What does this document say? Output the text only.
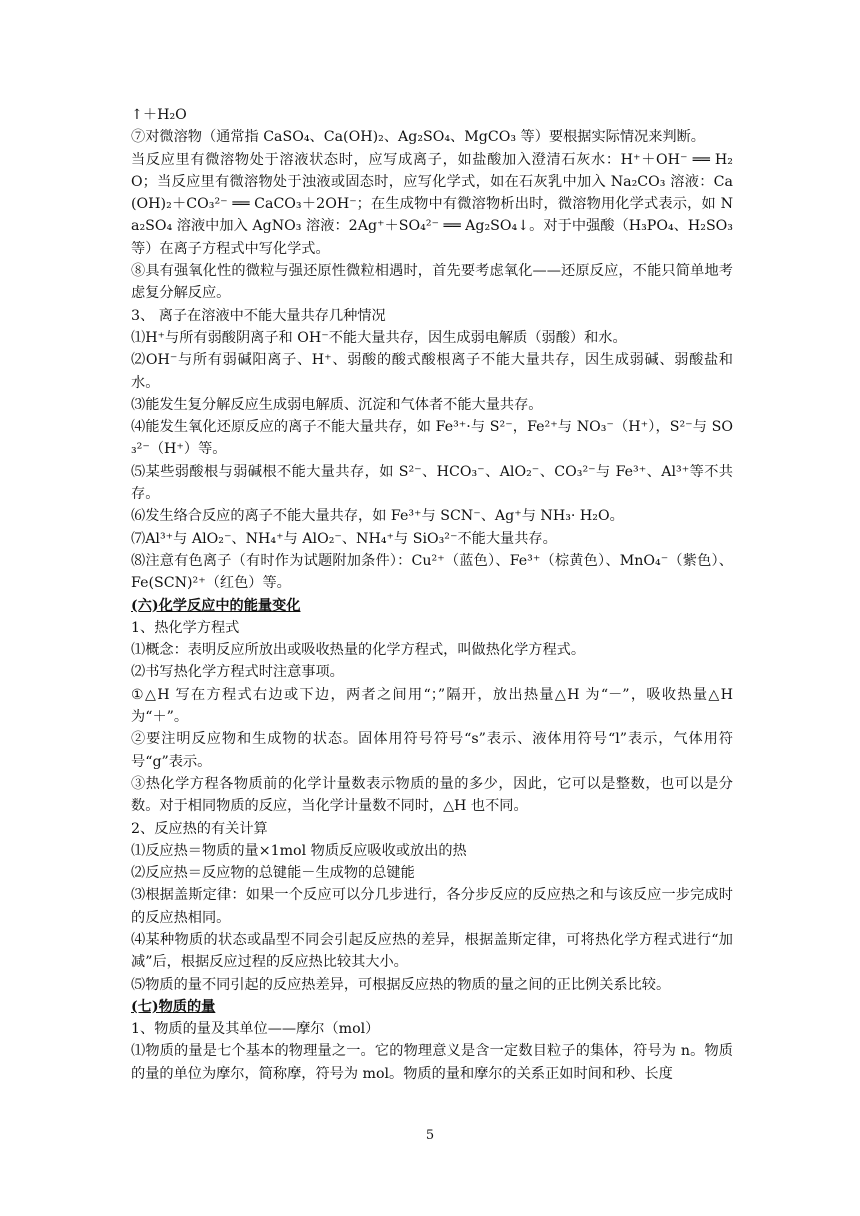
↑＋H₂O

⑦对微溶物（通常指 CaSO₄、Ca(OH)₂、Ag₂SO₄、MgCO₃ 等）要根据实际情况来判断。

当反应里有微溶物处于溶液状态时，应写成离子，如盐酸加入澄清石灰水：H⁺＋OH⁻ ══ H₂O；当反应里有微溶物处于浊液或固态时，应写化学式，如在石灰乳中加入 Na₂CO₃ 溶液：Ca(OH)₂＋CO₃²⁻ ══ CaCO₃＋2OH⁻；在生成物中有微溶物析出时，微溶物用化学式表示，如 Na₂SO₄ 溶液中加入 AgNO₃ 溶液：2Ag⁺＋SO₄²⁻ ══ Ag₂SO₄↓。对于中强酸（H₃PO₄、H₂SO₃ 等）在离子方程式中写化学式。

⑧具有强氧化性的微粒与强还原性微粒相遇时，首先要考虑氧化——还原反应，不能只简单地考虑复分解反应。

3、 离子在溶液中不能大量共存几种情况

⑴H⁺与所有弱酸阴离子和 OH⁻不能大量共存，因生成弱电解质（弱酸）和水。

⑵OH⁻与所有弱碱阳离子、H⁺、弱酸的酸式酸根离子不能大量共存，因生成弱碱、弱酸盐和水。

⑶能发生复分解反应生成弱电解质、沉淀和气体者不能大量共存。

⑷能发生氧化还原反应的离子不能大量共存，如 Fe³⁺·与 S²⁻，Fe²⁺与 NO₃⁻（H⁺），S²⁻与 SO₃²⁻（H⁺）等。

⑸某些弱酸根与弱碱根不能大量共存，如 S²⁻、HCO₃⁻、AlO₂⁻、CO₃²⁻与 Fe³⁺、Al³⁺等不共存。

⑹发生络合反应的离子不能大量共存，如 Fe³⁺与 SCN⁻、Ag⁺与 NH₃· H₂O。

⑺Al³⁺与 AlO₂⁻、NH₄⁺与 AlO₂⁻、NH₄⁺与 SiO₃²⁻不能大量共存。

⑻注意有色离子（有时作为试题附加条件）：Cu²⁺（蓝色）、Fe³⁺（棕黄色）、MnO₄⁻（紫色）、Fe(SCN)²⁺（红色）等。

(六)化学反应中的能量变化

1、热化学方程式

⑴概念：表明反应所放出或吸收热量的化学方程式，叫做热化学方程式。

⑵书写热化学方程式时注意事项。

①△H 写在方程式右边或下边，两者之间用“；”隔开，放出热量△H 为“－”，吸收热量△H 为“＋”。

②要注明反应物和生成物的状态。固体用符号符号“s”表示、液体用符号“l”表示，气体用符号“g”表示。

③热化学方程各物质前的化学计量数表示物质的量的多少，因此，它可以是整数，也可以是分数。对于相同物质的反应，当化学计量数不同时，△H 也不同。

2、反应热的有关计算

⑴反应热＝物质的量×1mol 物质反应吸收或放出的热

⑵反应热＝反应物的总键能－生成物的总键能

⑶根据盖斯定律：如果一个反应可以分几步进行，各分步反应的反应热之和与该反应一步完成时的反应热相同。

⑷某种物质的状态或晶型不同会引起反应热的差异，根据盖斯定律，可将热化学方程式进行“加减”后，根据反应过程的反应热比较其大小。

⑸物质的量不同引起的反应热差异，可根据反应热的物质的量之间的正比例关系比较。

(七)物质的量

1、物质的量及其单位——摩尔（mol）

⑴物质的量是七个基本的物理量之一。它的物理意义是含一定数目粒子的集体，符号为 n。物质的量的单位为摩尔，简称摩，符号为 mol。物质的量和摩尔的关系正如时间和秒、长度

5
